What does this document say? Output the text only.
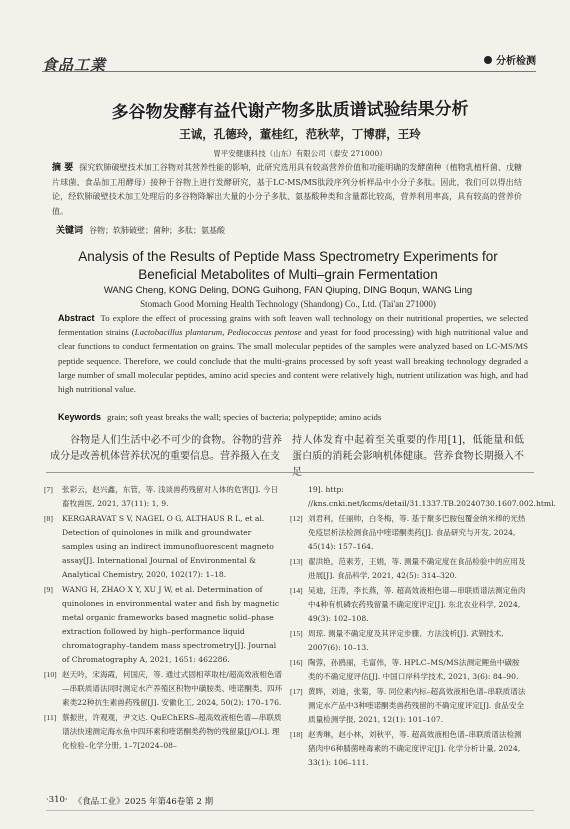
食品工業	分析检测
多谷物发酵有益代谢产物多肽质谱试验结果分析
王诚，孔德玲，董桂红，范秋苹，丁博群，王玲
胃平安健康科技（山东）有限公司（泰安 271000）
摘 要 探究软肺破壁技术加工谷物对其营养性能的影响，此研究选用具有较高营养价值和功能明确的发酵菌种（植物乳植杆菌、戊糖片球菌、食品加工用酵母）接种于谷物上进行发酵研究，基于LC-MS/MS肽段序列分析样品中小分子多肽。因此，我们可以得出结论，经软肺破壁技术加工处理后的多谷物降解出大量的小分子多肽、氨基酸种类和含量都比较高，营养利用率高，具有较高的营养价值。
关键词 谷物；软肺破壁；菌种；多肽；氨基酸
Analysis of the Results of Peptide Mass Spectrometry Experiments for Beneficial Metabolites of Multi–grain Fermentation
WANG Cheng, KONG Deling, DONG Guihong, FAN Qiuping, DING Boqun, WANG Ling
Stomach Good Morning Health Technology (Shandong) Co., Ltd. (Tai'an 271000)
Abstract To explore the effect of processing grains with soft leaven wall technology on their nutritional properties, we selected fermentation strains (Lactobacillus plantarum, Pediococcus pentose and yeast for food processing) with high nutritional value and clear functions to conduct fermentation on grains. The small molecular peptides of the samples were analyzed based on LC-MS/MS peptide sequence. Therefore, we could conclude that the multi-grains processed by soft yeast wall breaking technology degraded a large number of small molecular peptides, amino acid species and content were relatively high, nutrient utilization was high, and had high nutritional value.
Keywords grain; soft yeast breaks the wall; species of bacteria; polypeptide; amino acids
谷物是人们生活中必不可少的食物。谷物的营养成分是改善机体营养状况的重要信息。营养摄入在支
持人体发育中起着至关重要的作用[1]，低能量和低蛋白质的消耗会影响机体健康。营养食物长期摄入不足
[7]	张彩云，赵兴鑫，东管，等. 浅谈兽药残留对人体的危害[J]. 今日畜牧兽医, 2021, 37(11): 1, 9.
[8]	KERGARAVAT S V, NAGEL O G, ALTHAUS R L, et al. Detection of quinolones in milk and groundwater samples using an indirect immunofluorescent magneto assay[J]. International Journal of Environmental & Analytical Chemistry, 2020, 102(17): 1–18.
[9]	WANG H, ZHAO X Y, XU J W, et al. Determination of quinolones in environmental water and fish by magnetic metal organic frameworks based magnetic solid–phase extraction followed by high–performance liquid chromatography–tandem mass spectrometry[J]. Journal of Chromatography A, 2021, 1651: 462286.
[10] 赵天吟，宋海霞，何国庆，等. 通过式固相萃取柱/超高效液相色谱—串联质谱法同时测定水产养殖区积物中磺胺类、喹诺酮类、四环素类22种抗生素兽药残留[J]. 安徽化工, 2024, 50(2): 170–176.
[11] 蔡振世，许观观，尹文达. QuEChERS–超高效液相色谱—串联质谱法快速测定海水鱼中四环素和喹诺酮类药物的残留量[J/OL]. 理化检验–化学分册, 1–7[2024–08–
19]. http: //kns.cnki.net/kcms/detail/31.1337.TB.20240730.1607.002.html.
[12] 刘君利，任丽帅，白冬梅，等. 基于聚多巴胺包覆金纳米棒的光热免疫层析法检测食品中喹诺酮类药[J]. 食品研究与开发, 2024, 45(14): 157–164.
[13] 翟洪艳，范素芳，王娟，等. 测量不确定度在食品检验中的应用及进展[J]. 食品科学, 2021, 42(5): 314–320.
[14] 吴迪，汪涛，李长燕，等. 超高效液相色谱—串联质谱法测定鱼肉中4种有机磷农药残留量不确定度评定[J]. 东北农业科学, 2024, 49(3): 102–108.
[15] 周琼. 测量不确定度及其评定步骤、方法浅析[J]. 武钢技术, 2007(6): 10–13.
[16] 陶蓉，孙鸥丽，毛富伟，等. HPLC–MS/MS法测定鲤鱼中磺胺类的不确定度评估[J]. 中国口岸科学技术, 2021, 3(6): 84–90.
[17] 黄晔，刘迪，张菊，等. 同位素内标–超高效液相色谱–串联质谱法测定水产品中3种喹诺酮类兽药残留的不确定度评定[J]. 食品安全质量检测学报, 2021, 12(1): 101–107.
[18] 赵秀琳，赵小林，刘秋平，等. 超高效液相色谱–串联质谱法检测猪肉中6种腈菌唑毒素的不确定度评定[J]. 化学分析计量, 2024, 33(1): 106–111.
·310· 《食品工业》2025 年第46卷第 2 期
